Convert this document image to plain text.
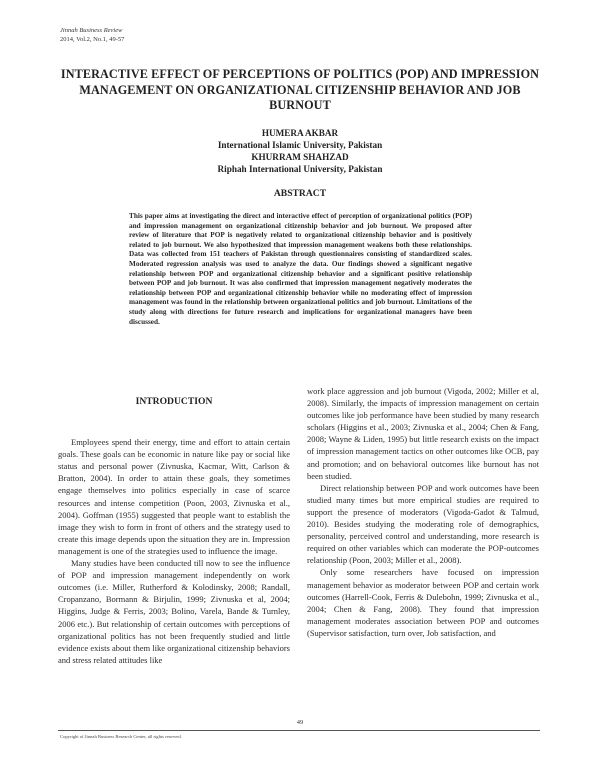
Jinnah Business Review
2014, Vol.2, No.1, 49-57
INTERACTIVE EFFECT OF PERCEPTIONS OF POLITICS (POP) AND IMPRESSION MANAGEMENT ON ORGANIZATIONAL CITIZENSHIP BEHAVIOR AND JOB BURNOUT
HUMERA AKBAR
International Islamic University, Pakistan
KHURRAM SHAHZAD
Riphah International University, Pakistan
ABSTRACT
This paper aims at investigating the direct and interactive effect of perception of organizational politics (POP) and impression management on organizational citizenship behavior and job burnout. We proposed after review of literature that POP is negatively related to organizational citizenship behavior and is positively related to job burnout. We also hypothesized that impression management weakens both these relationships. Data was collected from 151 teachers of Pakistan through questionnaires consisting of standardized scales. Moderated regression analysis was used to analyze the data. Our findings showed a significant negative relationship between POP and organizational citizenship behavior and a significant positive relationship between POP and job burnout. It was also confirmed that impression management negatively moderates the relationship between POP and organizational citizenship behavior while no moderating effect of impression management was found in the relationship between organizational politics and job burnout. Limitations of the study along with directions for future research and implications for organizational managers have been discussed.
INTRODUCTION

Employees spend their energy, time and effort to attain certain goals. These goals can be economic in nature like pay or social like status and personal power (Zivnuska, Kacmar, Witt, Carlson & Bratton, 2004). In order to attain these goals, they sometimes engage themselves into politics especially in case of scarce resources and intense competition (Poon, 2003, Zivnuska et al., 2004). Goffman (1955) suggested that people want to establish the image they wish to form in front of others and the strategy used to create this image depends upon the situation they are in. Impression management is one of the strategies used to influence the image.

Many studies have been conducted till now to see the influence of POP and impression management independently on work outcomes (i.e. Miller, Rutherford & Kolodinsky, 2008; Randall, Cropanzano, Bormann & Birjulin, 1999; Zivnuska et al, 2004; Higgins, Judge & Ferris, 2003; Bolino, Varela, Bande & Turnley, 2006 etc.). But relationship of certain outcomes with perceptions of organizational politics has not been frequently studied and little evidence exists about them like organizational citizenship behaviors and stress related attitudes like

work place aggression and job burnout (Vigoda, 2002; Miller et al, 2008). Similarly, the impacts of impression management on certain outcomes like job performance have been studied by many research scholars (Higgins et al., 2003; Zivnuska et al., 2004; Chen & Fang, 2008; Wayne & Liden, 1995) but little research exists on the impact of impression management tactics on other outcomes like OCB, pay and promotion; and on behavioral outcomes like burnout has not been studied.

Direct relationship between POP and work outcomes have been studied many times but more empirical studies are required to support the presence of moderators (Vigoda-Gadot & Talmud, 2010). Besides studying the moderating role of demographics, personality, perceived control and understanding, more research is required on other variables which can moderate the POP-outcomes relationship (Poon, 2003; Miller et al., 2008).

Only some researchers have focused on impression management behavior as moderator between POP and certain work outcomes (Harrell-Cook, Ferris & Dulebohn, 1999; Zivnuska et al., 2004; Chen & Fang, 2008). They found that impression management moderates association between POP and outcomes (Supervisor satisfaction, turn over, Job satisfaction, and

49
Copyright of Jinnah Business Research Center, all rights reserved.
